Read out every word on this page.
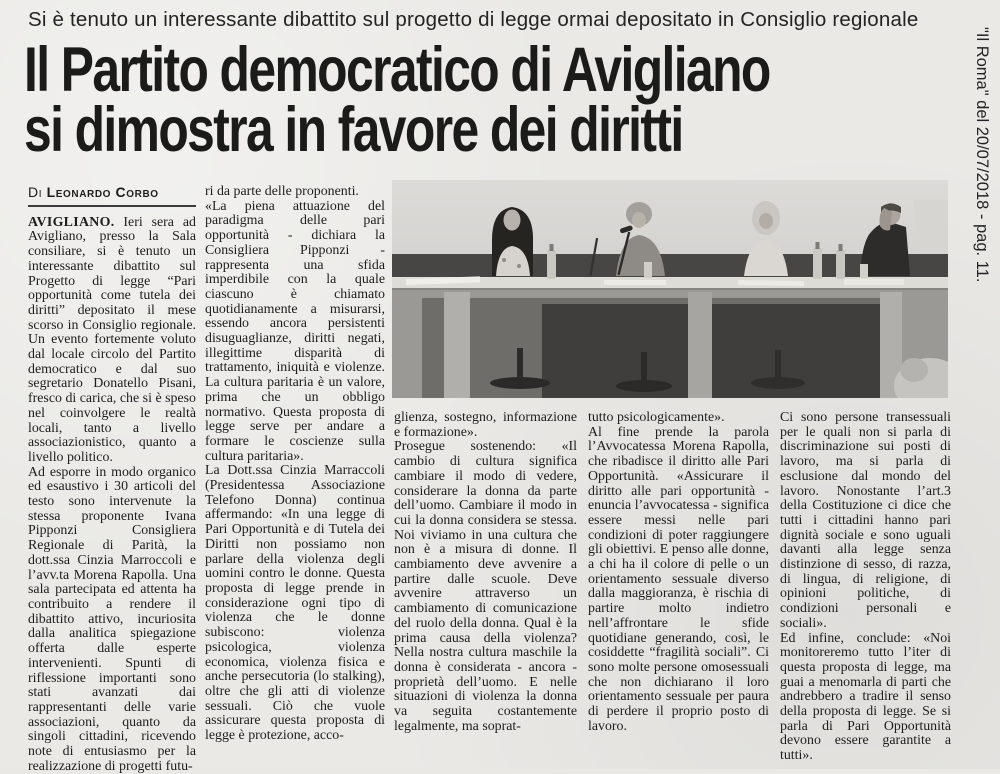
Si è tenuto un interessante dibattito sul progetto di legge ormai depositato in Consiglio regionale
Il Partito democratico di Avigliano
si dimostra in favore dei diritti	"Il Roma" del 20/07/2018 - pag. 11.
Di Leonardo Corbo

AVIGLIANO. Ieri sera ad Avigliano, presso la Sala consiliare, si è tenuto un interessante dibattito sul Progetto di legge “Pari opportunità come tutela dei diritti” depositato il mese scorso in Consiglio regionale. Un evento fortemente voluto dal locale circolo del Partito democratico e dal suo segretario Donatello Pisani, fresco di carica, che si è speso nel coinvolgere le realtà locali, tanto a livello associazionistico, quanto a livello politico.

Ad esporre in modo organico ed esaustivo i 30 articoli del testo sono intervenute la stessa proponente Ivana Pipponzi Consigliera Regionale di Parità, la dott.ssa Cinzia Marroccoli e l’avv.ta Morena Rapolla. Una sala partecipata ed attenta ha contribuito a rendere il dibattito attivo, incuriosita dalla analitica spiegazione offerta dalle esperte intervenienti. Spunti di riflessione importanti sono stati avanzati dai rappresentanti delle varie associazioni, quanto da singoli cittadini, ricevendo note di entusiasmo per la realizzazione di progetti futu-

ri da parte delle proponenti.

«La piena attuazione del paradigma delle pari opportunità - dichiara la Consigliera Pipponzi - rappresenta una sfida imperdibile con la quale ciascuno è chiamato quotidianamente a misurarsi, essendo ancora persistenti disuguaglianze, diritti negati, illegittime disparità di trattamento, iniquità e violenze. La cultura paritaria è un valore, prima che un obbligo normativo. Questa proposta di legge serve per andare a formare le coscienze sulla cultura paritaria».

La Dott.ssa Cinzia Marraccoli (Presidentessa Associazione Telefono Donna) continua affermando: «In una legge di Pari Opportunità e di Tutela dei Diritti non possiamo non parlare della violenza degli uomini contro le donne. Questa proposta di legge prende in considerazione ogni tipo di violenza che le donne subiscono: violenza psicologica, violenza economica, violenza fisica e anche persecutoria (lo stalking), oltre che gli atti di violenze sessuali. Ciò che vuole assicurare questa proposta di legge è protezione, acco-

glienza, sostegno, informazione e formazione».

Prosegue sostenendo: «Il cambio di cultura significa cambiare il modo di vedere, considerare la donna da parte dell’uomo. Cambiare il modo in cui la donna considera se stessa. Noi viviamo in una cultura che non è a misura di donne. Il cambiamento deve avvenire a partire dalle scuole. Deve avvenire attraverso un cambiamento di comunicazione del ruolo della donna. Qual è la prima causa della violenza? Nella nostra cultura maschile la donna è considerata - ancora - proprietà dell’uomo. E nelle situazioni di violenza la donna va seguita costantemente legalmente, ma soprat-

tutto psicologicamente».

Al fine prende la parola l’Avvocatessa Morena Rapolla, che ribadisce il diritto alle Pari Opportunità. «Assicurare il diritto alle pari opportunità - enuncia l’avvocatessa - significa essere messi nelle pari condizioni di poter raggiungere gli obiettivi. E penso alle donne, a chi ha il colore di pelle o un orientamento sessuale diverso dalla maggioranza, è rischia di partire molto indietro nell’affrontare le sfide quotidiane generando, così, le cosiddette “fragilità sociali”. Ci sono molte persone omosessuali che non dichiarano il loro orientamento sessuale per paura di perdere il proprio posto di lavoro.

Ci sono persone transessuali per le quali non si parla di discriminazione sui posti di lavoro, ma si parla di esclusione dal mondo del lavoro. Nonostante l’art.3 della Costituzione ci dice che tutti i cittadini hanno pari dignità sociale e sono uguali davanti alla legge senza distinzione di sesso, di razza, di lingua, di religione, di opinioni politiche, di condizioni personali e sociali».

Ed infine, conclude: «Noi monitoreremo tutto l’iter di questa proposta di legge, ma guai a menomarla di parti che andrebbero a tradire il senso della proposta di legge. Se si parla di Pari Opportunità devono essere garantite a tutti».
